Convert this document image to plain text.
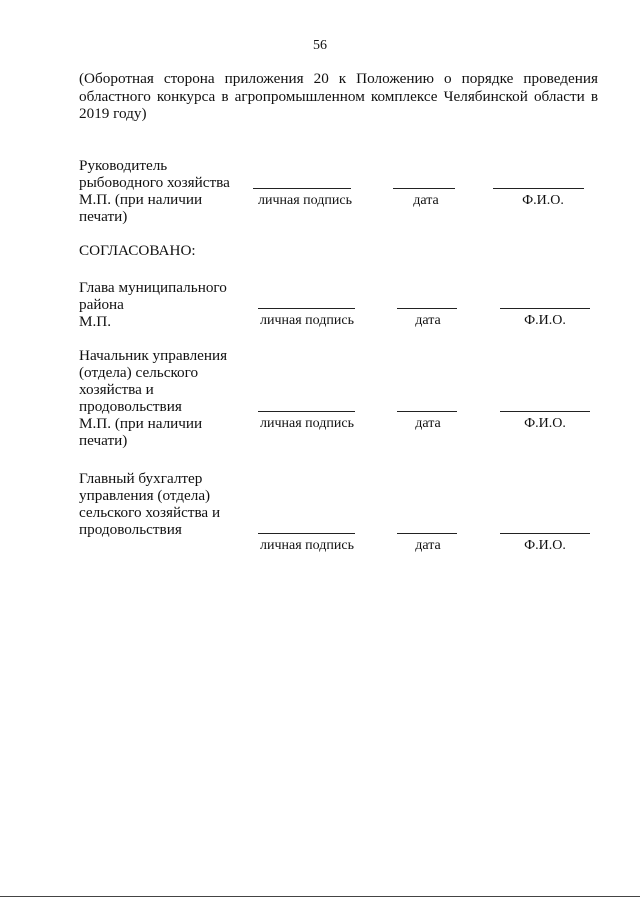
56
(Оборотная сторона приложения 20 к Положению о порядке проведения областного конкурса в агропромышленном комплексе Челябинской области в 2019 году)
Руководитель
рыбоводного хозяйства
М.П. (при наличии
печати)
личная подпись	дата	Ф.И.О.
СОГЛАСОВАНО:
Глава муниципального
района
М.П.	личная подпись	дата	Ф.И.О.
Начальник управления
(отдела) сельского
хозяйства и
продовольствия
М.П. (при наличии
печати)
личная подпись	дата	Ф.И.О.
Главный бухгалтер
управления (отдела)
сельского хозяйства и
продовольствия
личная подпись	дата	Ф.И.О.
